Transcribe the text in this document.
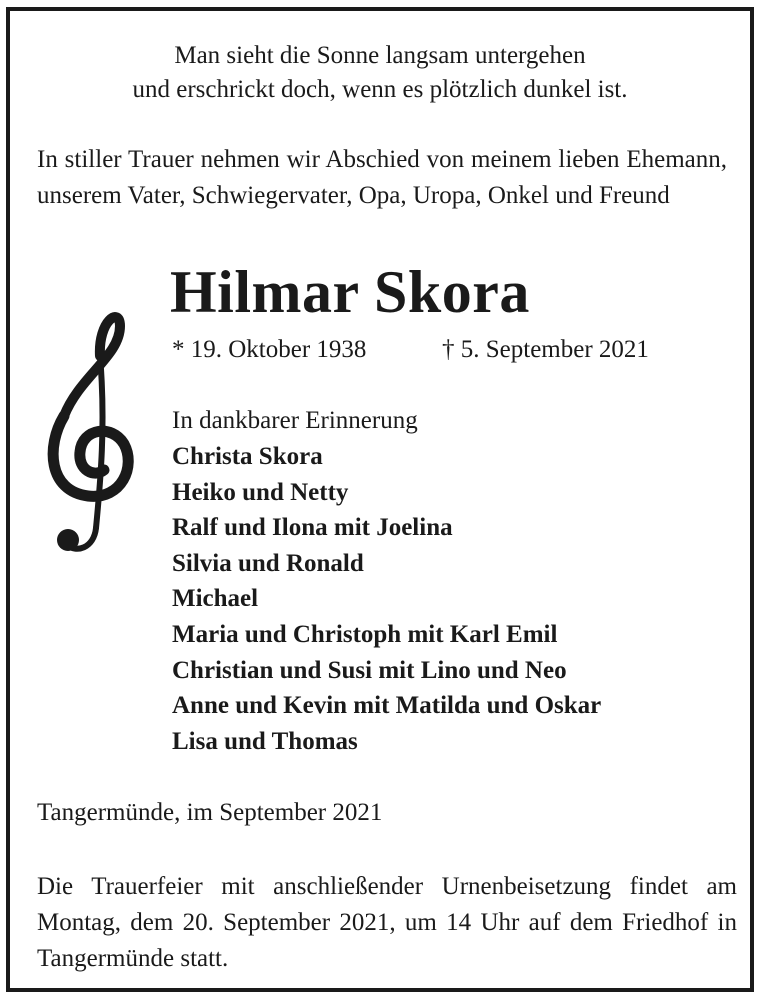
Man sieht die Sonne langsam untergehen
und erschrickt doch, wenn es plötzlich dunkel ist.
In stiller Trauer nehmen wir Abschied von meinem lieben Ehemann, unserem Vater, Schwiegervater, Opa, Uropa, Onkel und Freund
Hilmar Skora
* 19. Oktober 1938	† 5. September 2021
In dankbarer Erinnerung
Christa Skora
Heiko und Netty
Ralf und Ilona mit Joelina
Silvia und Ronald
Michael
Maria und Christoph mit Karl Emil
Christian und Susi mit Lino und Neo
Anne und Kevin mit Matilda und Oskar
Lisa und Thomas
Tangermünde, im September 2021
Die Trauerfeier mit anschließender Urnenbeisetzung findet am Montag, dem 20. September 2021, um 14 Uhr auf dem Friedhof in Tangermünde statt.
